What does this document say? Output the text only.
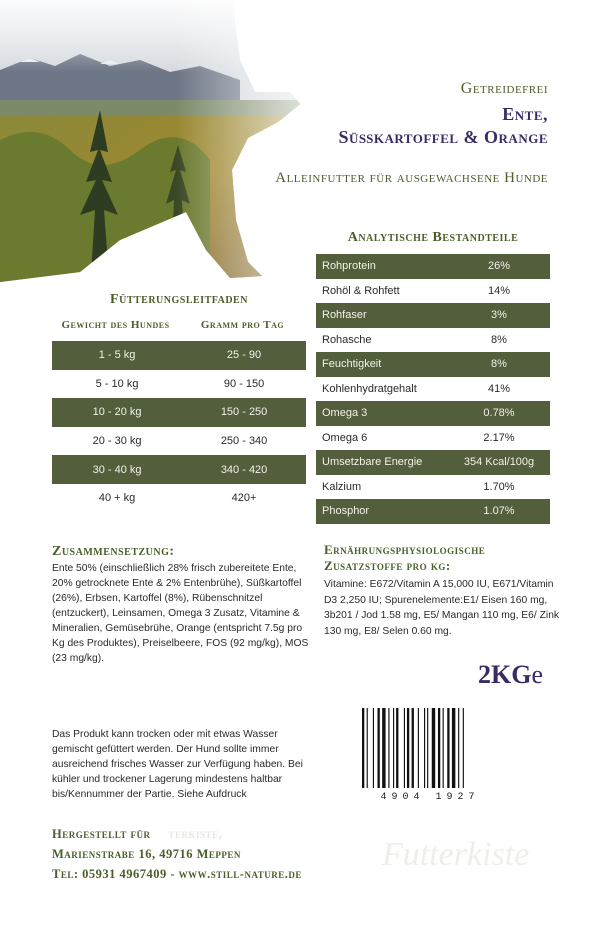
Getreidefrei
Ente,
Süßkartoffel & Orange
Alleinfutter für ausgewachsene Hunde
Analytische Bestandteile
Rohprotein	26%
Rohöl & Rohfett	14%
Rohfaser	3%
Rohasche	8%
Feuchtigkeit	8%
Kohlenhydratgehalt	41%
Omega 3	0.78%
Omega 6	2.17%
Umsetzbare Energie	354 Kcal/100g
Kalzium	1.70%
Phosphor	1.07%
Fütterungsleitfaden
Gewicht des Hundes	Gramm pro Tag
1 - 5 kg	25 - 90
5 - 10 kg	90 - 150
10 - 20 kg	150 - 250
20 - 30 kg	250 - 340
30 - 40 kg	340 - 420
40 + kg	420+
Zusammensetzung:
Ente 50% (einschließlich 28% frisch zubereitete Ente, 20% getrocknete Ente & 2% Entenbrühe), Süßkartoffel (26%), Erbsen, Kartoffel (8%), Rübenschnitzel (entzuckert), Leinsamen, Omega 3 Zusatz, Vitamine & Mineralien, Gemüsebrühe, Orange (entspricht 7.5g pro Kg des Produktes), Preiselbeere, FOS (92 mg/kg), MOS (23 mg/kg).
Ernährungsphysiologische Zusatzstoffe pro kg:
Vitamine: E672/Vitamin A 15,000 IU, E671/Vitamin D3 2,250 IU; Spurenelemente:E1/ Eisen 160 mg, 3b201 / Jod 1.58 mg, E5/ Mangan 110 mg, E6/ Zink 130 mg, E8/ Selen 0.60 mg.
2KGe
Das Produkt kann trocken oder mit etwas Wasser gemischt gefüttert werden. Der Hund sollte immer ausreichend frisches Wasser zur Verfügung haben. Bei kühler und trockener Lagerung mindestens haltbar bis/Kennummer der Partie. Siehe Aufdruck	4904 1927
Hergestellt für terkiste,
Marienstrabe 16, 49716 Meppen
Tel: 05931 4967409 - www.still-nature.de
Futterkiste
